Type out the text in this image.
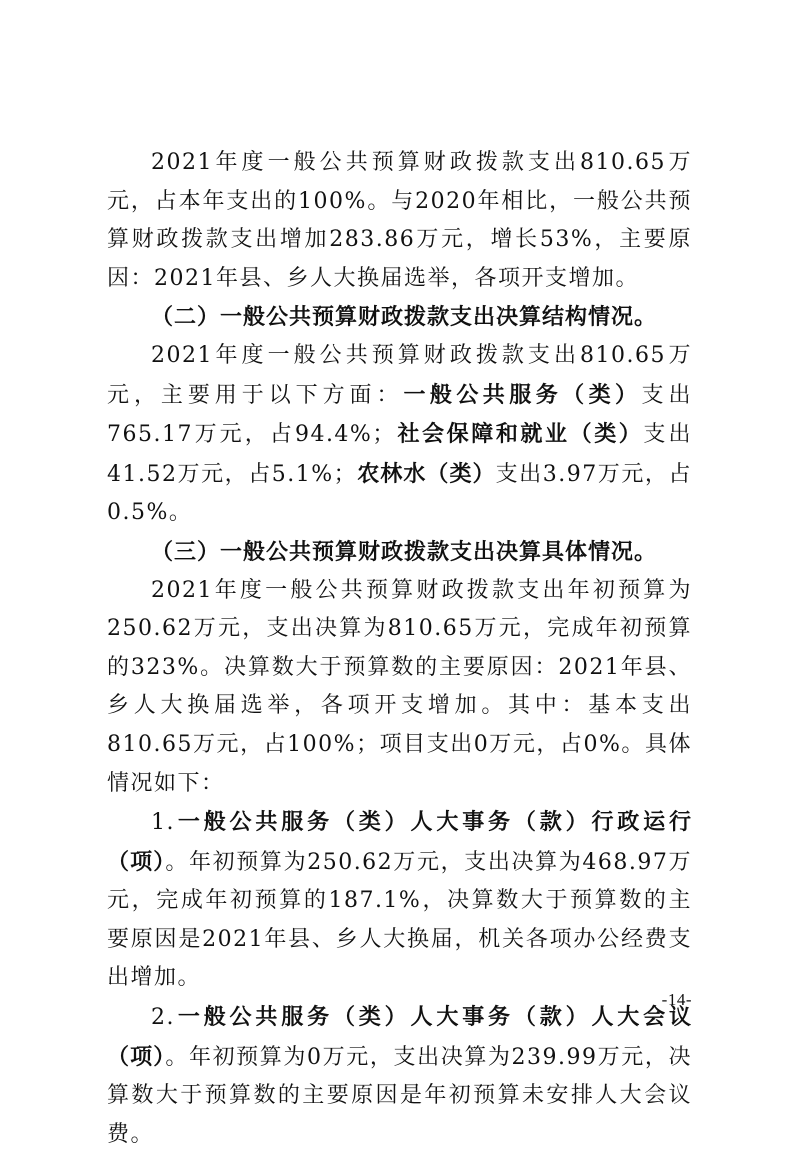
2021年度一般公共预算财政拨款支出810.65万元，占本年支出的100%。与2020年相比，一般公共预算财政拨款支出增加283.86万元，增长53%，主要原因：2021年县、乡人大换届选举，各项开支增加。

（二）一般公共预算财政拨款支出决算结构情况。

2021年度一般公共预算财政拨款支出810.65万元，主要用于以下方面：一般公共服务（类）支出765.17万元，占94.4%；社会保障和就业（类）支出41.52万元，占5.1%；农林水（类）支出3.97万元，占0.5%。

（三）一般公共预算财政拨款支出决算具体情况。

2021年度一般公共预算财政拨款支出年初预算为250.62万元，支出决算为810.65万元，完成年初预算的323%。决算数大于预算数的主要原因：2021年县、乡人大换届选举，各项开支增加。其中：基本支出810.65万元，占100%；项目支出0万元，占0%。具体情况如下：

1.一般公共服务（类）人大事务（款）行政运行（项）。年初预算为250.62万元，支出决算为468.97万元，完成年初预算的187.1%，决算数大于预算数的主要原因是2021年县、乡人大换届，机关各项办公经费支出增加。

2.一般公共服务（类）人大事务（款）人大会议（项）。年初预算为0万元，支出决算为239.99万元，决算数大于预算数的主要原因是年初预算未安排人大会议费。

-14-
